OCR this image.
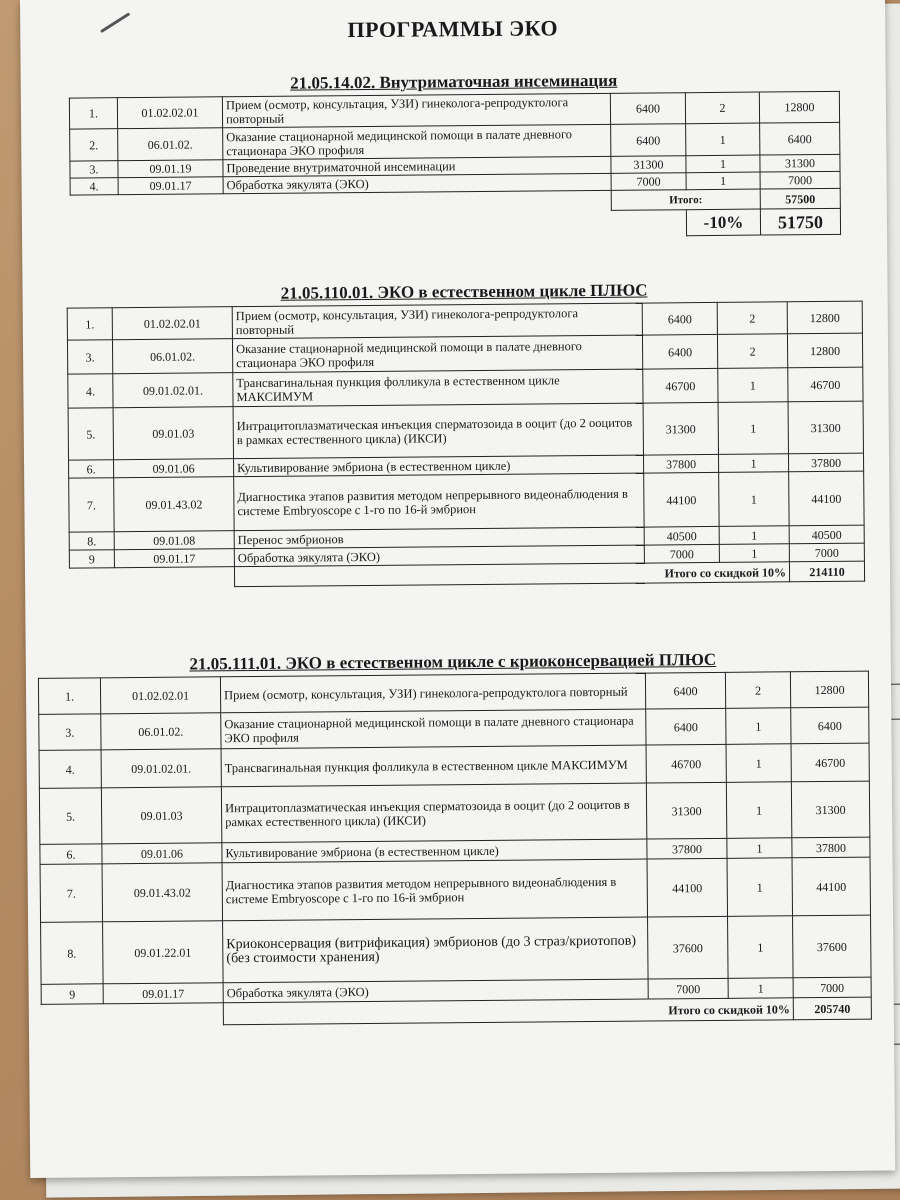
ПРОГРАММЫ ЭКО
21.05.14.02. Внутриматочная инсеминация
1.	01.02.02.01	Прием (осмотр, консультация, УЗИ) гинеколога-репродуктолога повторный	6400	2	12800
2.	06.01.02.	Оказание стационарной медицинской помощи в палате дневного стационара ЭКО профиля	6400	1	6400
3.	09.01.19	Проведение внутриматочной инсеминации	31300	1	31300
4.	09.01.17	Обработка эякулята (ЭКО)	7000	1	7000
			Итого:		57500
				-10%	51750
21.05.110.01. ЭКО в естественном цикле ПЛЮС
1.	01.02.02.01	Прием (осмотр, консультация, УЗИ) гинеколога-репродуктолога повторный	6400	2	12800
3.	06.01.02.	Оказание стационарной медицинской помощи в палате дневного стационара ЭКО профиля	6400	2	12800
4.	09.01.02.01.	Трансвагинальная пункция фолликула в естественном цикле МАКСИМУМ	46700	1	46700
5.	09.01.03	Интрацитоплазматическая инъекция сперматозоида в ооцит (до 2 ооцитов в рамках естественного цикла) (ИКСИ)	31300	1	31300
6.	09.01.06	Культивирование эмбриона (в естественном цикле)	37800	1	37800
7.	09.01.43.02	Диагностика этапов развития методом непрерывного видеонаблюдения в системе Embryoscope с 1-го по 16-й эмбрион	44100	1	44100
8.	09.01.08	Перенос эмбрионов	40500	1	40500
9	09.01.17	Обработка эякулята (ЭКО)	7000	1	7000
		Итого со скидкой 10%			214110
21.05.111.01. ЭКО в естественном цикле с криоконсервацией ПЛЮС
1.	01.02.02.01	Прием (осмотр, консультация, УЗИ) гинеколога-репродуктолога повторный	6400	2	12800
3.	06.01.02.	Оказание стационарной медицинской помощи в палате дневного стационара ЭКО профиля	6400	1	6400
4.	09.01.02.01.	Трансвагинальная пункция фолликула в естественном цикле МАКСИМУМ	46700	1	46700
5.	09.01.03	Интрацитоплазматическая инъекция сперматозоида в ооцит (до 2 ооцитов в рамках естественного цикла) (ИКСИ)	31300	1	31300
6.	09.01.06	Культивирование эмбриона (в естественном цикле)	37800	1	37800
7.	09.01.43.02	Диагностика этапов развития методом непрерывного видеонаблюдения в системе Embryoscope с 1-го по 16-й эмбрион	44100	1	44100
8.	09.01.22.01	Криоконсервация (витрификация) эмбрионов (до 3 страз/криотопов) (без стоимости хранения)	37600	1	37600
9	09.01.17	Обработка эякулята (ЭКО)	7000	1	7000
		Итого со скидкой 10%			205740
